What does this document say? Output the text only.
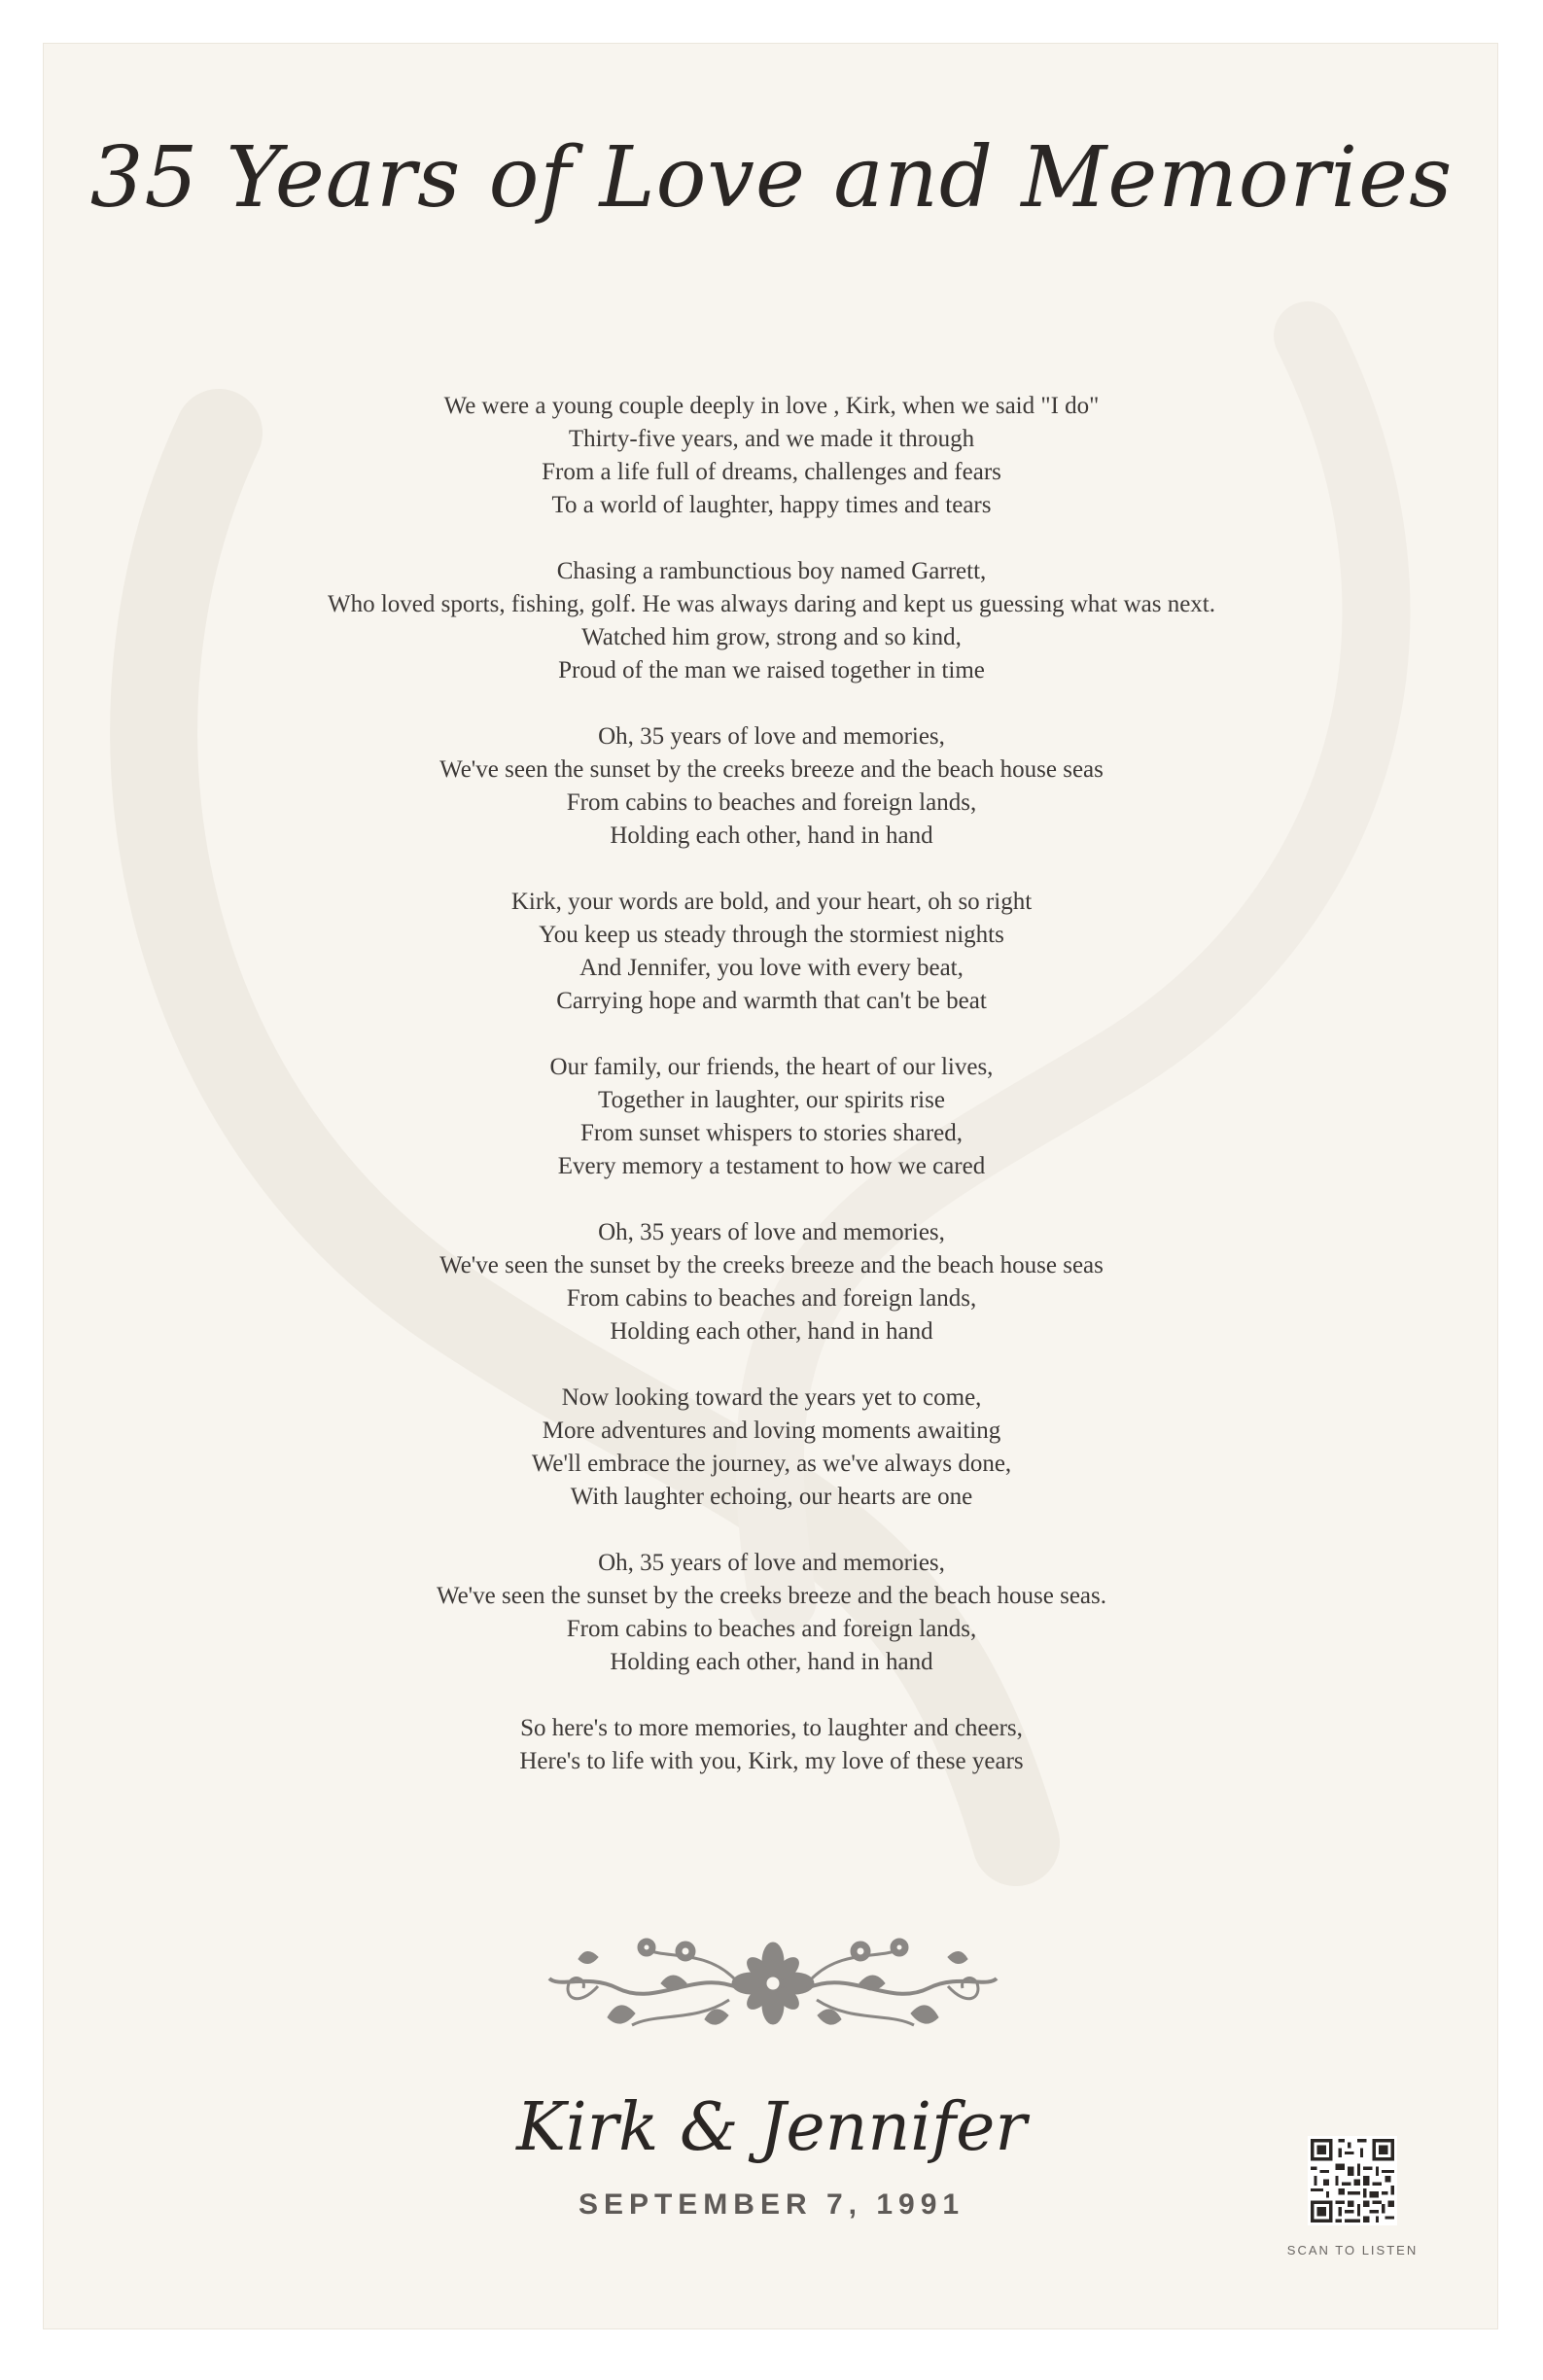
35 Years of Love and Memories

We were a young couple deeply in love , Kirk, when we said "I do"
Thirty-five years, and we made it through
From a life full of dreams, challenges and fears
To a world of laughter, happy times and tears

Chasing a rambunctious boy named Garrett,
Who loved sports, fishing, golf. He was always daring and kept us guessing what was next.
Watched him grow, strong and so kind,
Proud of the man we raised together in time

Oh, 35 years of love and memories,
We've seen the sunset by the creeks breeze and the beach house seas
From cabins to beaches and foreign lands,
Holding each other, hand in hand

Kirk, your words are bold, and your heart, oh so right
You keep us steady through the stormiest nights
And Jennifer, you love with every beat,
Carrying hope and warmth that can't be beat

Our family, our friends, the heart of our lives,
Together in laughter, our spirits rise
From sunset whispers to stories shared,
Every memory a testament to how we cared

Oh, 35 years of love and memories,
We've seen the sunset by the creeks breeze and the beach house seas
From cabins to beaches and foreign lands,
Holding each other, hand in hand

Now looking toward the years yet to come,
More adventures and loving moments awaiting
We'll embrace the journey, as we've always done,
With laughter echoing, our hearts are one

Oh, 35 years of love and memories,
We've seen the sunset by the creeks breeze and the beach house seas.
From cabins to beaches and foreign lands,
Holding each other, hand in hand

So here's to more memories, to laughter and cheers,
Here's to life with you, Kirk, my love of these years

Kirk & Jennifer
SEPTEMBER 7, 1991
SCAN TO LISTEN
